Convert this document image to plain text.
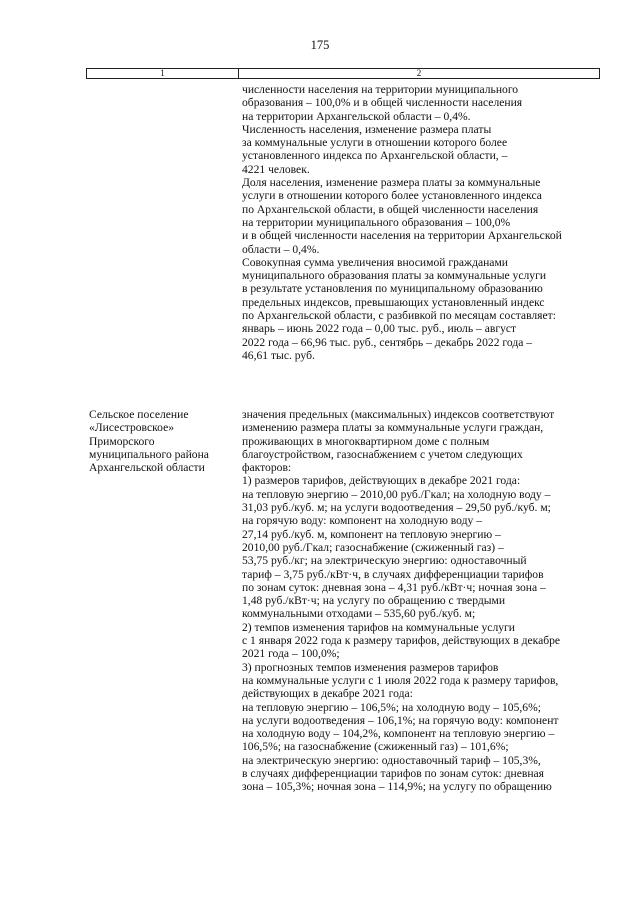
175
1	2
численности населения на территории муниципального
образования – 100,0% и в общей численности населения
на территории Архангельской области – 0,4%.
Численность населения, изменение размера платы
за коммунальные услуги в отношении которого более
установленного индекса по Архангельской области, –
4221 человек.
Доля населения, изменение размера платы за коммунальные
услуги в отношении которого более установленного индекса
по Архангельской области, в общей численности населения
на территории муниципального образования – 100,0%
и в общей численности населения на территории Архангельской
области – 0,4%.
Совокупная сумма увеличения вносимой гражданами
муниципального образования платы за коммунальные услуги
в результате установления по муниципальному образованию
предельных индексов, превышающих установленный индекс
по Архангельской области, с разбивкой по месяцам составляет:
январь – июнь 2022 года – 0,00 тыс. руб., июль – август
2022 года – 66,96 тыс. руб., сентябрь – декабрь 2022 года –
46,61 тыс. руб.
Сельское поселение
«Лисестровское»
Приморского
муниципального района
Архангельской области
значения предельных (максимальных) индексов соответствуют
изменению размера платы за коммунальные услуги граждан,
проживающих в многоквартирном доме с полным
благоустройством, газоснабжением с учетом следующих
факторов:
1) размеров тарифов, действующих в декабре 2021 года:
на тепловую энергию – 2010,00 руб./Гкал; на холодную воду –
31,03 руб./куб. м; на услуги водоотведения – 29,50 руб./куб. м;
на горячую воду: компонент на холодную воду –
27,14 руб./куб. м, компонент на тепловую энергию –
2010,00 руб./Гкал; газоснабжение (сжиженный газ) –
53,75 руб./кг; на электрическую энергию: одноставочный
тариф – 3,75 руб./кВт·ч, в случаях дифференциации тарифов
по зонам суток: дневная зона – 4,31 руб./кВт·ч; ночная зона –
1,48 руб./кВт·ч; на услугу по обращению с твердыми
коммунальными отходами – 535,60 руб./куб. м;
2) темпов изменения тарифов на коммунальные услуги
с 1 января 2022 года к размеру тарифов, действующих в декабре
2021 года – 100,0%;
3) прогнозных темпов изменения размеров тарифов
на коммунальные услуги с 1 июля 2022 года к размеру тарифов,
действующих в декабре 2021 года:
на тепловую энергию – 106,5%; на холодную воду – 105,6%;
на услуги водоотведения – 106,1%; на горячую воду: компонент
на холодную воду – 104,2%, компонент на тепловую энергию –
106,5%; на газоснабжение (сжиженный газ) – 101,6%;
на электрическую энергию: одноставочный тариф – 105,3%,
в случаях дифференциации тарифов по зонам суток: дневная
зона – 105,3%; ночная зона – 114,9%; на услугу по обращению
